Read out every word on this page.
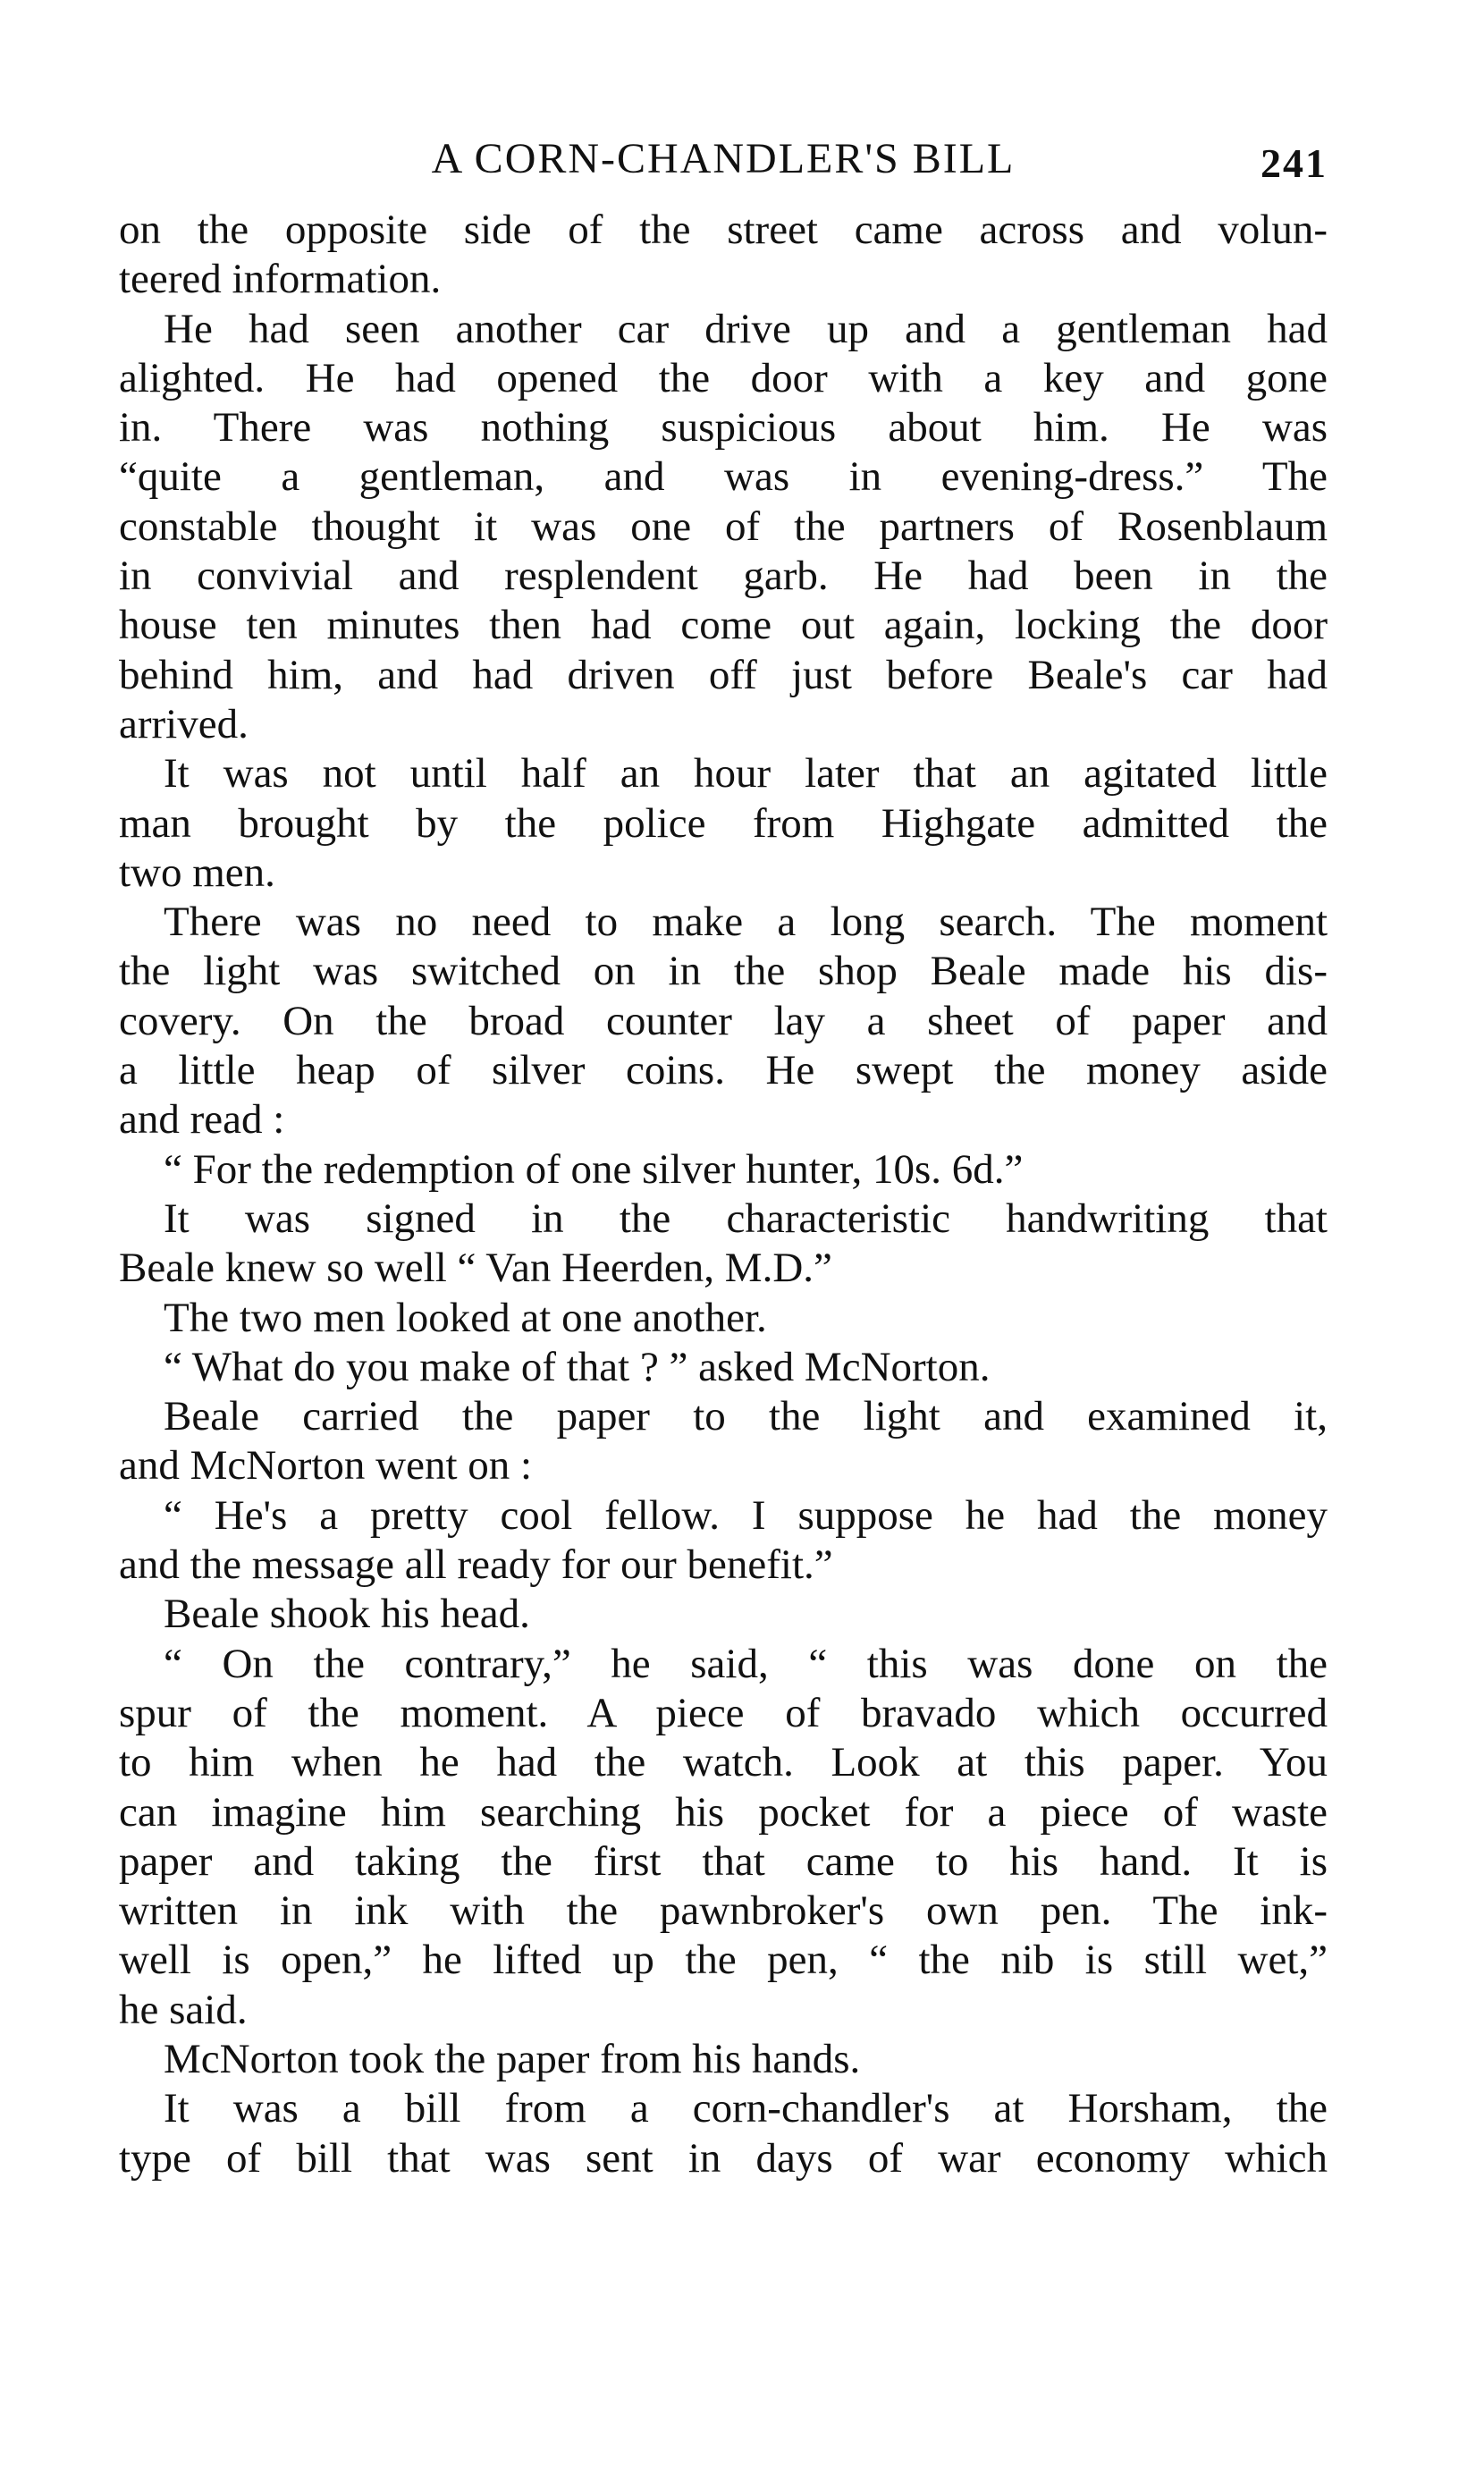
A CORN-CHANDLER'S BILL	241
on the opposite side of the street came across and volun-
teered information.
He had seen another car drive up and a gentleman had
alighted. He had opened the door with a key and gone
in. There was nothing suspicious about him. He was
“quite a gentleman, and was in evening-dress.” The
constable thought it was one of the partners of Rosenblaum
in convivial and resplendent garb. He had been in the
house ten minutes then had come out again, locking the door
behind him, and had driven off just before Beale's car had
arrived.
It was not until half an hour later that an agitated little
man brought by the police from Highgate admitted the
two men.
There was no need to make a long search. The moment
the light was switched on in the shop Beale made his dis-
covery. On the broad counter lay a sheet of paper and
a little heap of silver coins. He swept the money aside
and read :
“ For the redemption of one silver hunter, 10s. 6d.”
It was signed in the characteristic handwriting that
Beale knew so well “ Van Heerden, M.D.”
The two men looked at one another.
“ What do you make of that ? ” asked McNorton.
Beale carried the paper to the light and examined it,
and McNorton went on :
“ He's a pretty cool fellow. I suppose he had the money
and the message all ready for our benefit.”
Beale shook his head.
“ On the contrary,” he said, “ this was done on the
spur of the moment. A piece of bravado which occurred
to him when he had the watch. Look at this paper. You
can imagine him searching his pocket for a piece of waste
paper and taking the first that came to his hand. It is
written in ink with the pawnbroker's own pen. The ink-
well is open,” he lifted up the pen, “ the nib is still wet,”
he said.
McNorton took the paper from his hands.
It was a bill from a corn-chandler's at Horsham, the
type of bill that was sent in days of war economy which
